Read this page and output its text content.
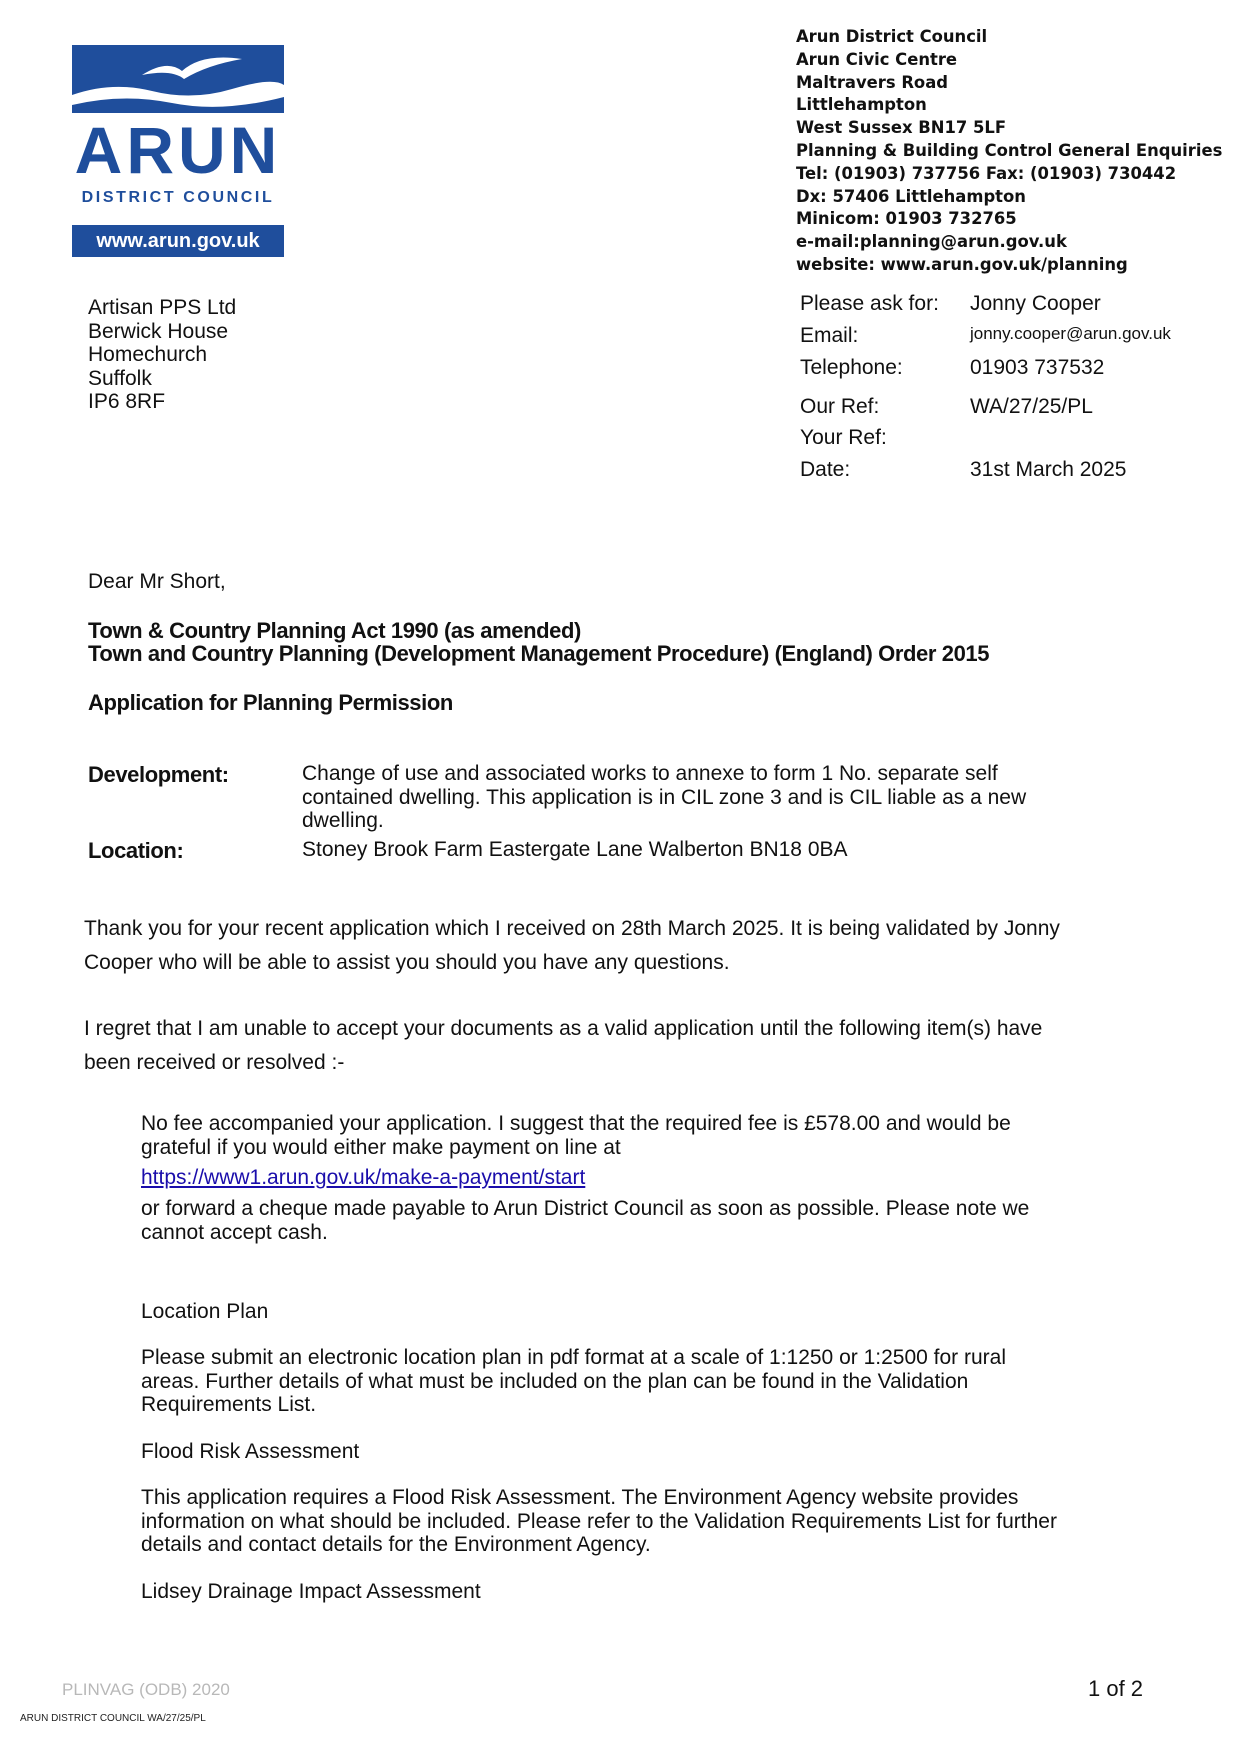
ARUN
DISTRICT COUNCIL
www.arun.gov.uk
Arun District Council
Arun Civic Centre
Maltravers Road
Littlehampton
West Sussex BN17 5LF
Planning & Building Control General Enquiries
Tel: (01903) 737756 Fax: (01903) 730442
Dx: 57406 Littlehampton
Minicom: 01903 732765
e-mail:planning@arun.gov.uk
website: www.arun.gov.uk/planning
Artisan PPS Ltd
Berwick House
Homechurch
Suffolk
IP6 8RF
Please ask for: Jonny Cooper
Email:	jonny.cooper@arun.gov.uk
Telephone:	01903 737532
Our Ref:	WA/27/25/PL
Your Ref:
Date:	31st March 2025
Dear Mr Short,
Town & Country Planning Act 1990 (as amended)
Town and Country Planning (Development Management Procedure) (England) Order 2015
Application for Planning Permission
Development:	Change of use and associated works to annexe to form 1 No. separate self
contained dwelling. This application is in CIL zone 3 and is CIL liable as a new
dwelling.
Location:	Stoney Brook Farm Eastergate Lane Walberton BN18 0BA
Thank you for your recent application which I received on 28th March 2025. It is being validated by Jonny
Cooper who will be able to assist you should you have any questions.
I regret that I am unable to accept your documents as a valid application until the following item(s) have
been received or resolved :-
No fee accompanied your application. I suggest that the required fee is £578.00 and would be
grateful if you would either make payment on line at
https://www1.arun.gov.uk/make-a-payment/start
or forward a cheque made payable to Arun District Council as soon as possible. Please note we
cannot accept cash.
Location Plan
Please submit an electronic location plan in pdf format at a scale of 1:1250 or 1:2500 for rural
areas. Further details of what must be included on the plan can be found in the Validation
Requirements List.
Flood Risk Assessment
This application requires a Flood Risk Assessment. The Environment Agency website provides
information on what should be included. Please refer to the Validation Requirements List for further
details and contact details for the Environment Agency.
Lidsey Drainage Impact Assessment
PLINVAG (ODB) 2020	1 of 2
ARUN DISTRICT COUNCIL WA/27/25/PL
